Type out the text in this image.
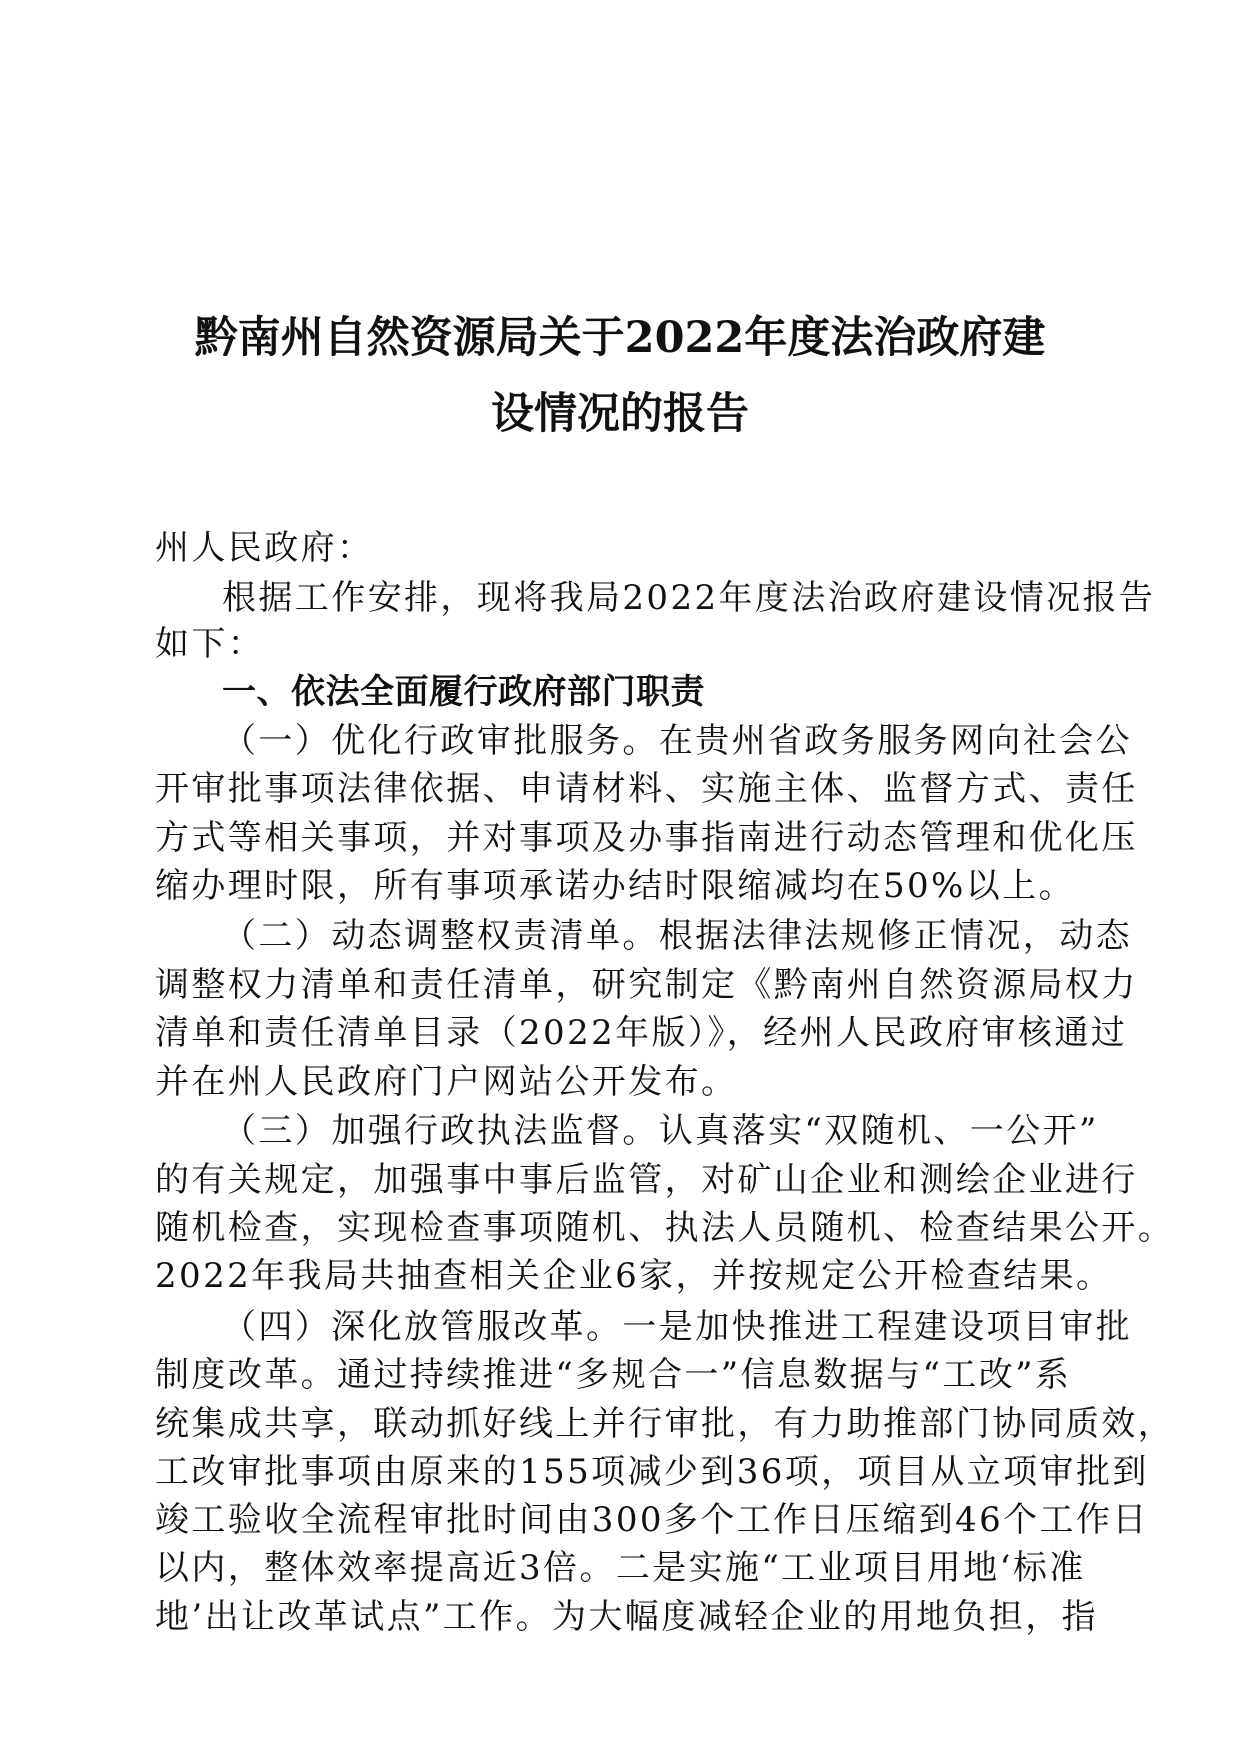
黔南州自然资源局关于2022年度法治政府建
设情况的报告
州人民政府：
根据工作安排，现将我局2022年度法治政府建设情况报告
如下：
一、依法全面履行政府部门职责
（一）优化行政审批服务。在贵州省政务服务网向社会公
开审批事项法律依据、申请材料、实施主体、监督方式、责任
方式等相关事项，并对事项及办事指南进行动态管理和优化压
缩办理时限，所有事项承诺办结时限缩减均在50%以上。
（二）动态调整权责清单。根据法律法规修正情况，动态
调整权力清单和责任清单，研究制定《黔南州自然资源局权力
清单和责任清单目录（2022年版）》，经州人民政府审核通过
并在州人民政府门户网站公开发布。
（三）加强行政执法监督。认真落实“双随机、一公开”
的有关规定，加强事中事后监管，对矿山企业和测绘企业进行
随机检查，实现检查事项随机、执法人员随机、检查结果公开。
2022年我局共抽查相关企业6家，并按规定公开检查结果。
（四）深化放管服改革。一是加快推进工程建设项目审批
制度改革。通过持续推进“多规合一”信息数据与“工改”系
统集成共享，联动抓好线上并行审批，有力助推部门协同质效，
工改审批事项由原来的155项减少到36项，项目从立项审批到
竣工验收全流程审批时间由300多个工作日压缩到46个工作日
以内，整体效率提高近3倍。二是实施“工业项目用地‘标准
地’出让改革试点”工作。为大幅度减轻企业的用地负担，指
